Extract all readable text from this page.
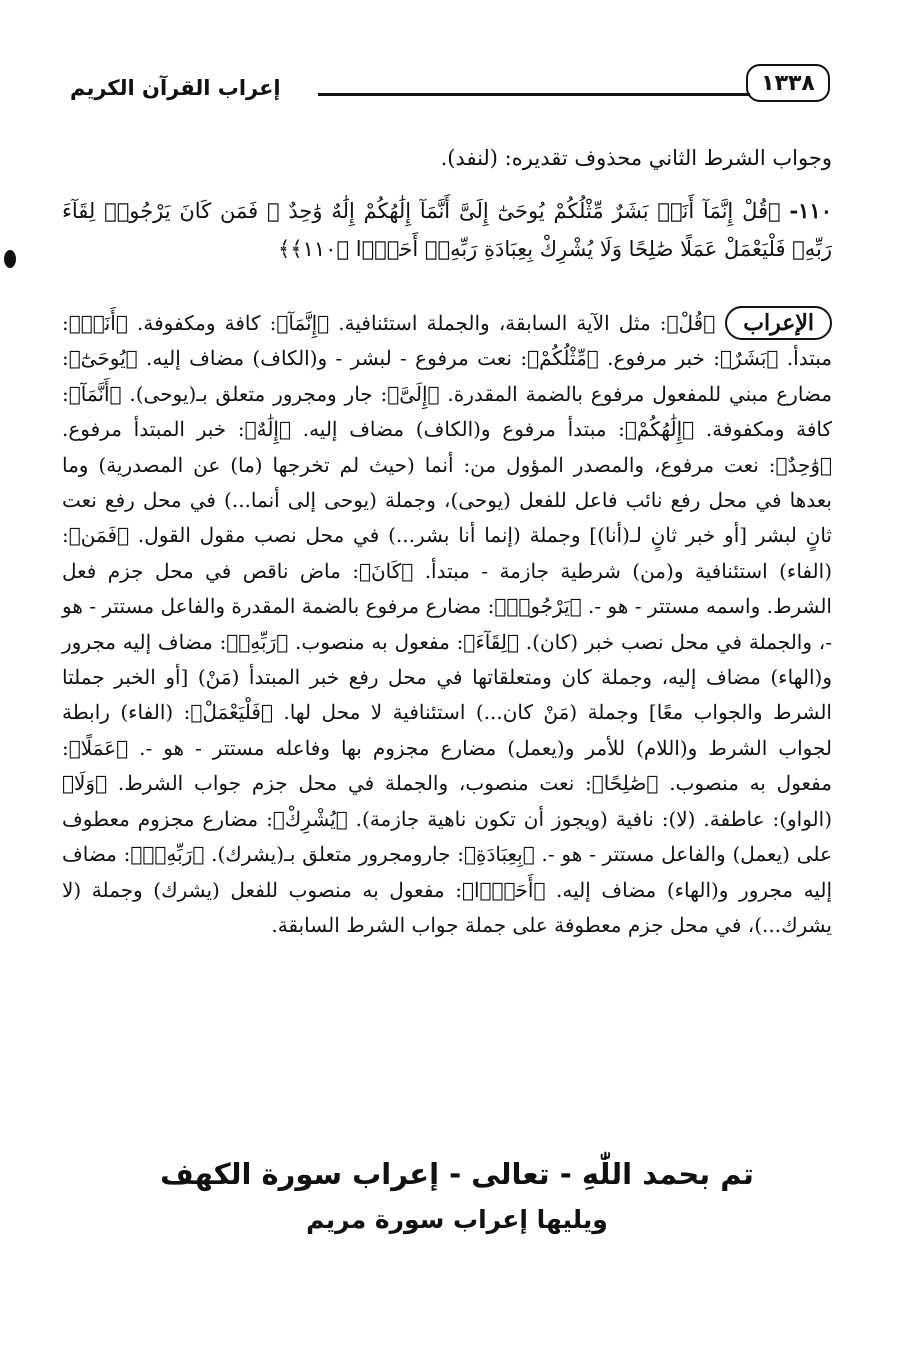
١٣٣٨
إعراب القرآن الكريم
وجواب الشرط الثاني محذوف تقديره: (لنفد).
١١٠- ﴿قُلْ إِنَّمَآ أَنَا۠ بَشَرٌ مِّثْلُكُمْ يُوحَىٰٓ إِلَىَّ أَنَّمَآ إِلَٰهُكُمْ إِلَٰهٌ وَٰحِدٌ ۖ فَمَن كَانَ يَرْجُوا۟ لِقَآءَ رَبِّهِۦ فَلْيَعْمَلْ عَمَلًا صَٰلِحًا وَلَا يُشْرِكْ بِعِبَادَةِ رَبِّهِۦٓ أَحَدًۢا ﴿١١٠﴾﴾
الإعراب
﴿قُلْ﴾: مثل الآية السابقة، والجملة استئنافية. ﴿إِنَّمَآ﴾: كافة ومكفوفة. ﴿أَنَا۠﴾: مبتدأ. ﴿بَشَرٌ﴾: خبر مرفوع. ﴿مِّثْلُكُمْ﴾: نعت مرفوع - لبشر - و(الكاف) مضاف إليه. ﴿يُوحَىٰٓ﴾: مضارع مبني للمفعول مرفوع بالضمة المقدرة. ﴿إِلَىَّ﴾: جار ومجرور متعلق بـ(يوحى). ﴿أَنَّمَآ﴾: كافة ومكفوفة. ﴿إِلَٰهُكُمْ﴾: مبتدأ مرفوع و(الكاف) مضاف إليه. ﴿إِلَٰهٌ﴾: خبر المبتدأ مرفوع. ﴿وَٰحِدٌ﴾: نعت مرفوع، والمصدر المؤول من: أنما (حيث لم تخرجها (ما) عن المصدرية) وما بعدها في محل رفع نائب فاعل للفعل (يوحى)، وجملة (يوحى إلى أنما...) في محل رفع نعت ثانٍ لبشر [أو خبر ثانٍ لـ(أنا)] وجملة (إنما أنا بشر...) في محل نصب مقول القول. ﴿فَمَن﴾: (الفاء) استئنافية و(من) شرطية جازمة - مبتدأ. ﴿كَانَ﴾: ماض ناقص في محل جزم فعل الشرط. واسمه مستتر - هو -. ﴿يَرْجُوا۟﴾: مضارع مرفوع بالضمة المقدرة والفاعل مستتر - هو -، والجملة في محل نصب خبر (كان). ﴿لِقَآءَ﴾: مفعول به منصوب. ﴿رَبِّهِۦ﴾: مضاف إليه مجرور و(الهاء) مضاف إليه، وجملة كان ومتعلقاتها في محل رفع خبر المبتدأ (مَنْ) [أو الخبر جملتا الشرط والجواب معًا] وجملة (مَنْ كان...) استئنافية لا محل لها. ﴿فَلْيَعْمَلْ﴾: (الفاء) رابطة لجواب الشرط و(اللام) للأمر و(يعمل) مضارع مجزوم بها وفاعله مستتر - هو -. ﴿عَمَلًا﴾: مفعول به منصوب. ﴿صَٰلِحًا﴾: نعت منصوب، والجملة في محل جزم جواب الشرط. ﴿وَلَا﴾ (الواو): عاطفة. (لا): نافية (ويجوز أن تكون ناهية جازمة). ﴿يُشْرِكْ﴾: مضارع مجزوم معطوف على (يعمل) والفاعل مستتر - هو -. ﴿بِعِبَادَةِ﴾: جارومجرور متعلق بـ(يشرك). ﴿رَبِّهِۦٓ﴾: مضاف إليه مجرور و(الهاء) مضاف إليه. ﴿أَحَدًۢا﴾: مفعول به منصوب للفعل (يشرك) وجملة (لا يشرك...)، في محل جزم معطوفة على جملة جواب الشرط السابقة.
تم بحمد اللّٰهِ - تعالى - إعراب سورة الكهف
ويليها إعراب سورة مريم
